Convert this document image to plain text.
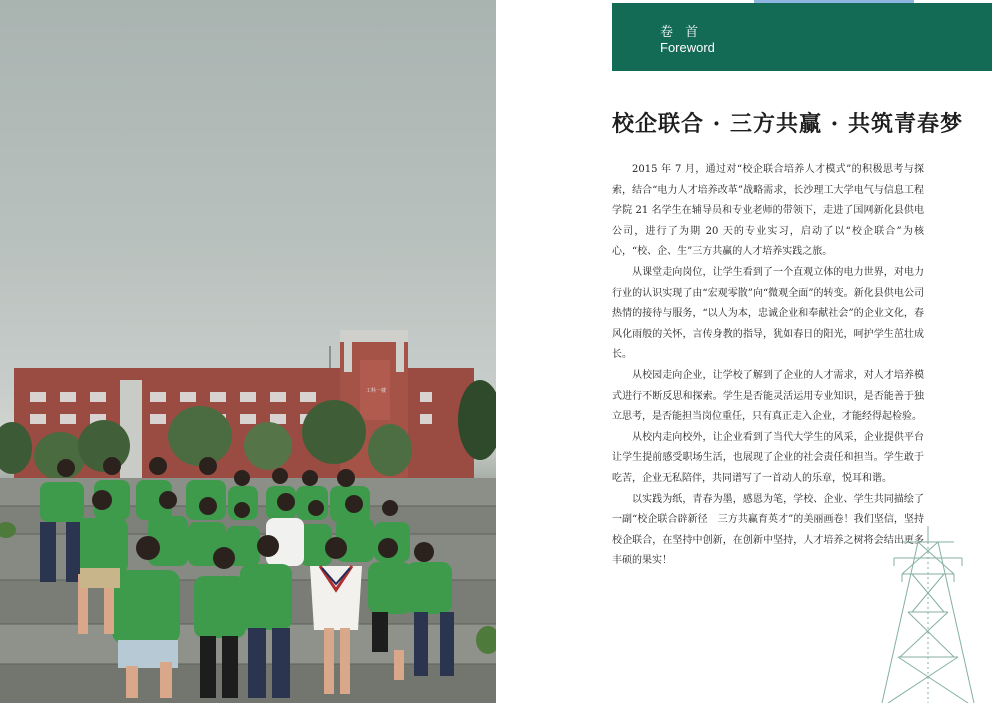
工科一楼
卷 首
Foreword
校企联合 · 三方共赢 · 共筑青春梦

2015 年 7 月，通过对“校企联合培养人才模式”的积极思考与探索，结合“电力人才培养改革”战略需求，长沙理工大学电气与信息工程学院 21 名学生在辅导员和专业老师的带领下，走进了国网新化县供电公司，进行了为期 20 天的专业实习，启动了以“校企联合”为核心，“校、企、生”三方共赢的人才培养实践之旅。

从课堂走向岗位，让学生看到了一个直观立体的电力世界，对电力行业的认识实现了由“宏观零散”向“微观全面”的转变。新化县供电公司热情的接待与服务，“以人为本，忠诚企业和奉献社会”的企业文化，春风化雨般的关怀，言传身教的指导，犹如春日的阳光，呵护学生茁壮成长。

从校园走向企业，让学校了解到了企业的人才需求，对人才培养模式进行不断反思和探索。学生是否能灵活运用专业知识，是否能善于独立思考，是否能担当岗位重任，只有真正走入企业，才能经得起检验。

从校内走向校外，让企业看到了当代大学生的风采，企业提供平台让学生提前感受职场生活，也展现了企业的社会责任和担当。学生敢于吃苦，企业无私陪伴，共同谱写了一首动人的乐章，悦耳和谐。

以实践为纸，青春为墨，感恩为笔，学校、企业、学生共同描绘了一副“校企联合辟新径　三方共赢育英才”的美丽画卷！我们坚信，坚持校企联合，在坚持中创新，在创新中坚持，人才培养之树将会结出更多丰硕的果实！
